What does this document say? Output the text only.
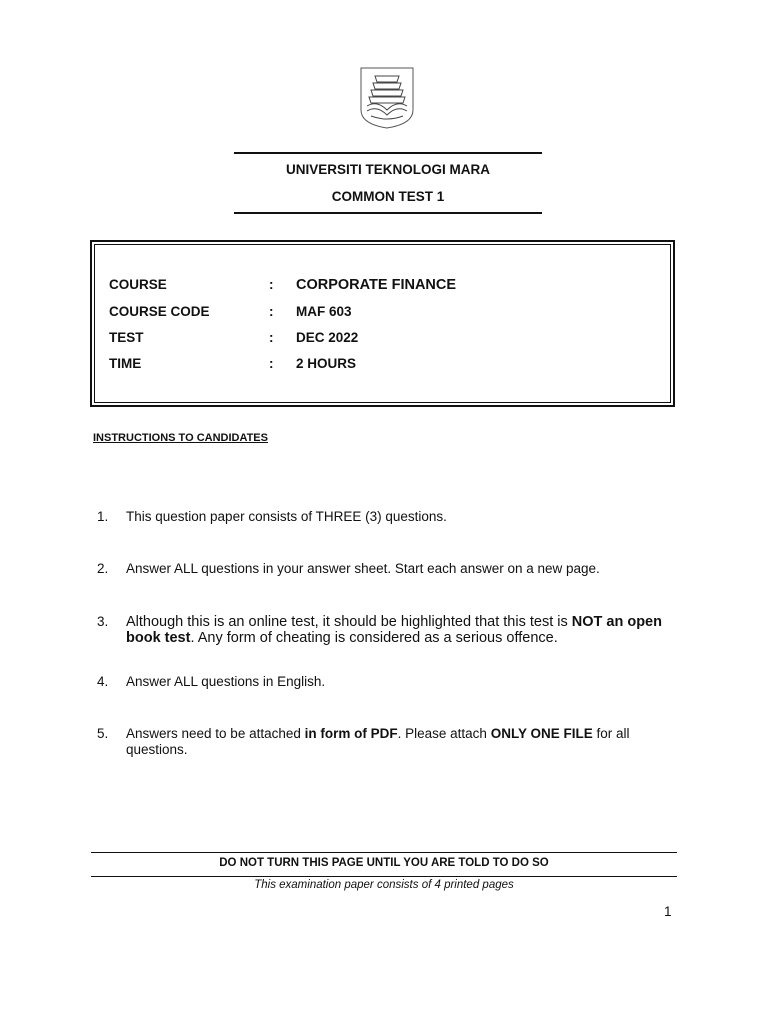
UNIVERSITI TEKNOLOGI MARA
COMMON TEST 1
COURSE	: CORPORATE FINANCE
COURSE CODE	: MAF 603
TEST	: DEC 2022
TIME	: 2 HOURS
INSTRUCTIONS TO CANDIDATES
1. This question paper consists of THREE (3) questions.
2. Answer ALL questions in your answer sheet. Start each answer on a new page.
3. Although this is an online test, it should be highlighted that this test is NOT an open book test. Any form of cheating is considered as a serious offence.
4. Answer ALL questions in English.
5. Answers need to be attached in form of PDF. Please attach ONLY ONE FILE for all questions.
DO NOT TURN THIS PAGE UNTIL YOU ARE TOLD TO DO SO
This examination paper consists of 4 printed pages
1
